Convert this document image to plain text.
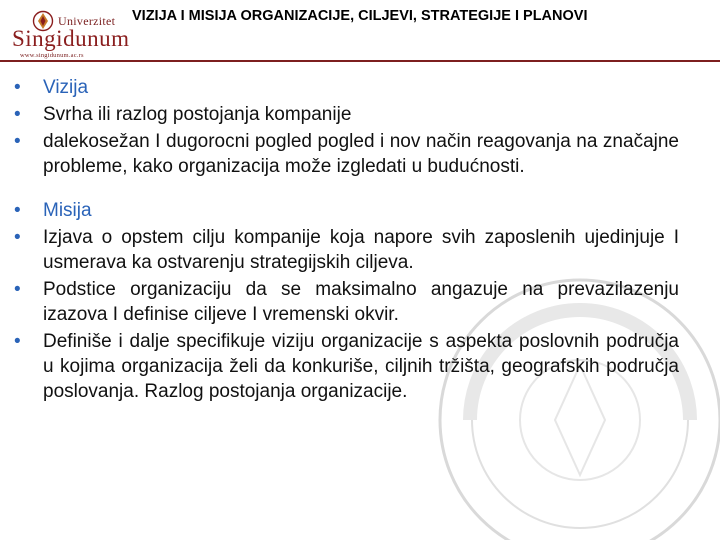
Univerzitet
Singidunum
www.singidunum.ac.rs
VIZIJA I MISIJA ORGANIZACIJE, CILJEVI, STRATEGIJE I PLANOVI
• Vizija
• Svrha ili razlog postojanja kompanije
• dalekosežan I dugorocni pogled pogled i nov način reagovanja na značajne probleme, kako organizacija može izgledati u budućnosti.
• Misija
• Izjava o opstem cilju kompanije koja napore svih zaposlenih ujedinjuje I usmerava ka ostvarenju strategijskih ciljeva.
• Podstice organizaciju da se maksimalno angazuje na prevazilazenju izazova I definise ciljeve I vremenski okvir.
• Definiše i dalje specifikuje viziju organizacije s aspekta poslovnih područja u kojima organizacija želi da konkuriše, ciljnih tržišta, geografskih područja poslovanja. Razlog postojanja organizacije.
